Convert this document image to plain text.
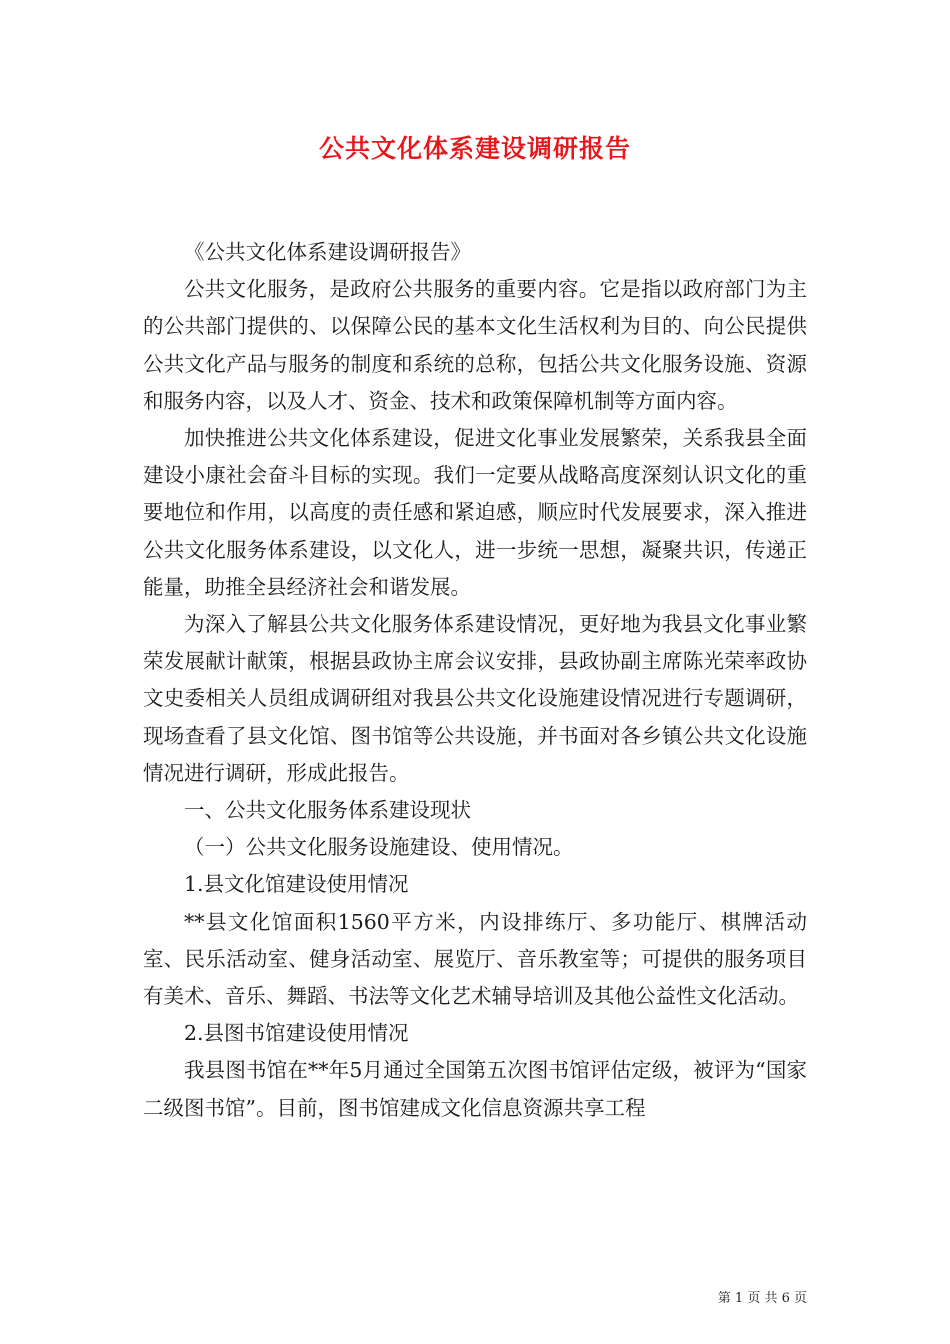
公共文化体系建设调研报告

《公共文化体系建设调研报告》

公共文化服务，是政府公共服务的重要内容。它是指以政府部门为主的公共部门提供的、以保障公民的基本文化生活权利为目的、向公民提供公共文化产品与服务的制度和系统的总称，包括公共文化服务设施、资源和服务内容，以及人才、资金、技术和政策保障机制等方面内容。

加快推进公共文化体系建设，促进文化事业发展繁荣，关系我县全面建设小康社会奋斗目标的实现。我们一定要从战略高度深刻认识文化的重要地位和作用，以高度的责任感和紧迫感，顺应时代发展要求，深入推进公共文化服务体系建设，以文化人，进一步统一思想，凝聚共识，传递正能量，助推全县经济社会和谐发展。

为深入了解县公共文化服务体系建设情况，更好地为我县文化事业繁荣发展献计献策，根据县政协主席会议安排，县政协副主席陈光荣率政协文史委相关人员组成调研组对我县公共文化设施建设情况进行专题调研，现场查看了县文化馆、图书馆等公共设施，并书面对各乡镇公共文化设施情况进行调研，形成此报告。

一、公共文化服务体系建设现状

（一）公共文化服务设施建设、使用情况。

1.县文化馆建设使用情况

**县文化馆面积1560平方米，内设排练厅、多功能厅、棋牌活动室、民乐活动室、健身活动室、展览厅、音乐教室等；可提供的服务项目有美术、音乐、舞蹈、书法等文化艺术辅导培训及其他公益性文化活动。

2.县图书馆建设使用情况

我县图书馆在**年5月通过全国第五次图书馆评估定级，被评为“国家二级图书馆”。目前，图书馆建成文化信息资源共享工程

第 1 页 共 6 页
